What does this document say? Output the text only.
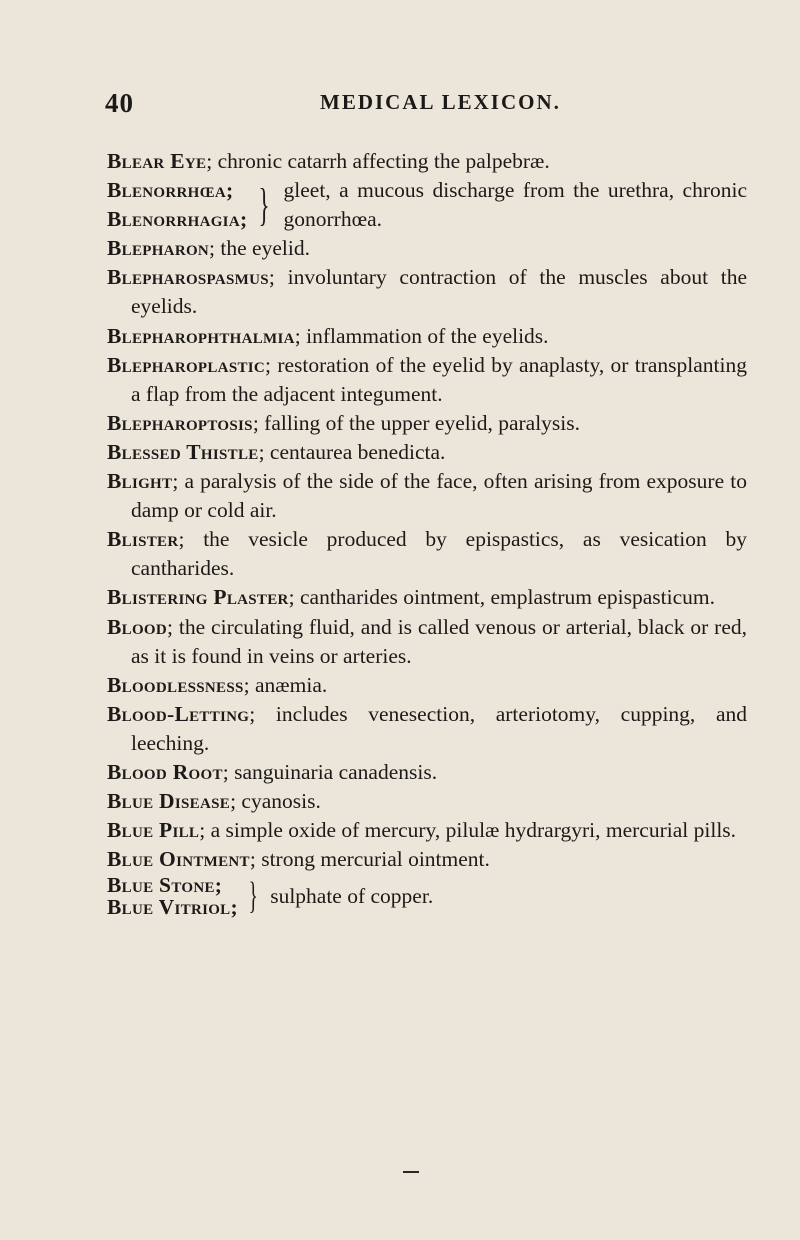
40	MEDICAL LEXICON.
Blear Eye; chronic catarrh affecting the palpebræ.
Blenorrhœa;
Blenorrhagia; } gleet, a mucous discharge from the urethra, chronic gonorrhœa.
Blepharon; the eyelid.
Blepharospasmus; involuntary contraction of the muscles about the eyelids.
Blepharophthalmia; inflammation of the eyelids.
Blepharoplastic; restoration of the eyelid by anaplasty, or transplanting a flap from the adjacent integument.
Blepharoptosis; falling of the upper eyelid, paralysis.
Blessed Thistle; centaurea benedicta.
Blight; a paralysis of the side of the face, often arising from exposure to damp or cold air.
Blister; the vesicle produced by epispastics, as vesication by cantharides.
Blistering Plaster; cantharides ointment, emplastrum epispasticum.
Blood; the circulating fluid, and is called venous or arterial, black or red, as it is found in veins or arteries.
Bloodlessness; anæmia.
Blood-Letting; includes venesection, arteriotomy, cupping, and leeching.
Blood Root; sanguinaria canadensis.
Blue Disease; cyanosis.
Blue Pill; a simple oxide of mercury, pilulæ hydrargyri, mercurial pills.
Blue Ointment; strong mercurial ointment.
Blue Stone;
Blue Vitriol; } sulphate of copper.
